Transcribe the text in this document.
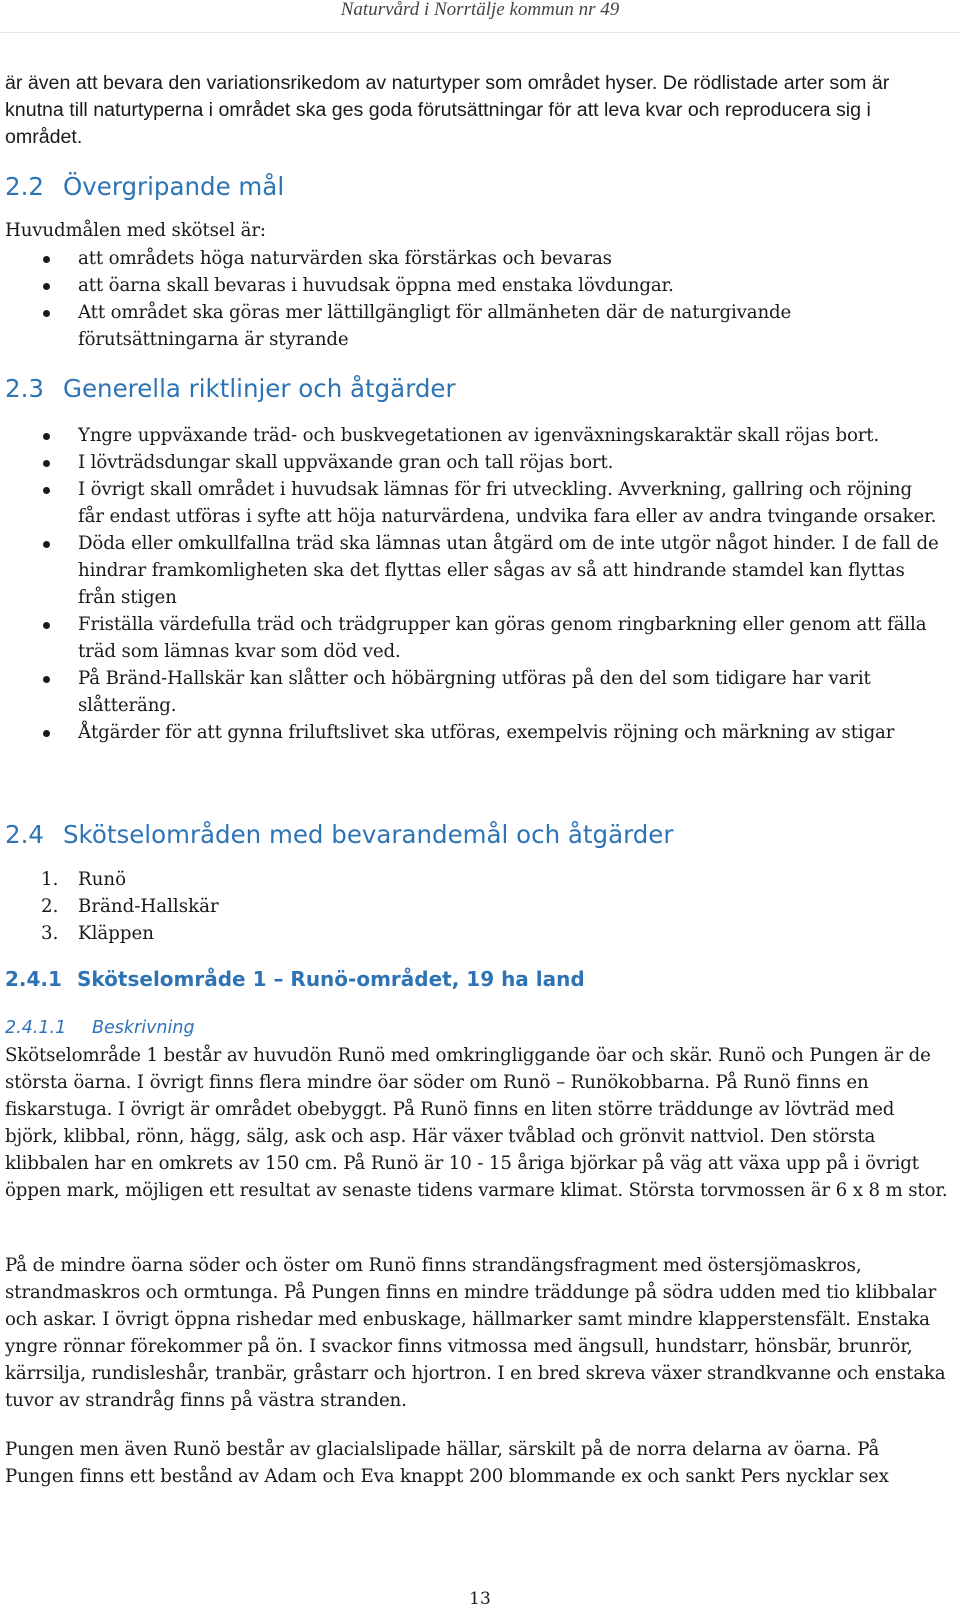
Naturvård i Norrtälje kommun nr 49
är även att bevara den variationsrikedom av naturtyper som området hyser. De rödlistade arter som är knutna till naturtyperna i området ska ges goda förutsättningar för att leva kvar och reproducera sig i området.
2.2 Övergripande mål
Huvudmålen med skötsel är:
att områdets höga naturvärden ska förstärkas och bevaras
att öarna skall bevaras i huvudsak öppna med enstaka lövdungar.
Att området ska göras mer lättillgängligt för allmänheten där de naturgivande förutsättningarna är styrande
2.3 Generella riktlinjer och åtgärder
Yngre uppväxande träd- och buskvegetationen av igenväxningskaraktär skall röjas bort.
I lövträdsdungar skall uppväxande gran och tall röjas bort.
I övrigt skall området i huvudsak lämnas för fri utveckling. Avverkning, gallring och röjning får endast utföras i syfte att höja naturvärdena, undvika fara eller av andra tvingande orsaker.
Döda eller omkullfallna träd ska lämnas utan åtgärd om de inte utgör något hinder. I de fall de hindrar framkomligheten ska det flyttas eller sågas av så att hindrande stamdel kan flyttas från stigen
Friställa värdefulla träd och trädgrupper kan göras genom ringbarkning eller genom att fälla träd som lämnas kvar som död ved.
På Bränd-Hallskär kan slåtter och höbärgning utföras på den del som tidigare har varit slåtteräng.
Åtgärder för att gynna friluftslivet ska utföras, exempelvis röjning och märkning av stigar
2.4 Skötselområden med bevarandemål och åtgärder
1. Runö
2. Bränd-Hallskär
3. Kläppen
2.4.1 Skötselområde 1 – Runö-området, 19 ha land
2.4.1.1 Beskrivning
Skötselområde 1 består av huvudön Runö med omkringliggande öar och skär. Runö och Pungen är de största öarna. I övrigt finns flera mindre öar söder om Runö – Runökobbarna. På Runö finns en fiskarstuga. I övrigt är området obebyggt. På Runö finns en liten större träddunge av lövträd med björk, klibbal, rönn, hägg, sälg, ask och asp. Här växer tvåblad och grönvit nattviol. Den största klibbalen har en omkrets av 150 cm. På Runö är 10 - 15 åriga björkar på väg att växa upp på i övrigt öppen mark, möjligen ett resultat av senaste tidens varmare klimat. Största torvmossen är 6 x 8 m stor.
På de mindre öarna söder och öster om Runö finns strandängsfragment med östersjömaskros, strandmaskros och ormtunga. På Pungen finns en mindre träddunge på södra udden med tio klibbalar och askar. I övrigt öppna rishedar med enbuskage, hällmarker samt mindre klapperstensfält. Enstaka yngre rönnar förekommer på ön. I svackor finns vitmossa med ängsull, hundstarr, hönsbär, brunrör, kärrsilja, rundisleshår, tranbär, gråstarr och hjortron. I en bred skreva växer strandkvanne och enstaka tuvor av strandråg finns på västra stranden.
Pungen men även Runö består av glacialslipade hällar, särskilt på de norra delarna av öarna. På Pungen finns ett bestånd av Adam och Eva knappt 200 blommande ex och sankt Pers nycklar sex
13
